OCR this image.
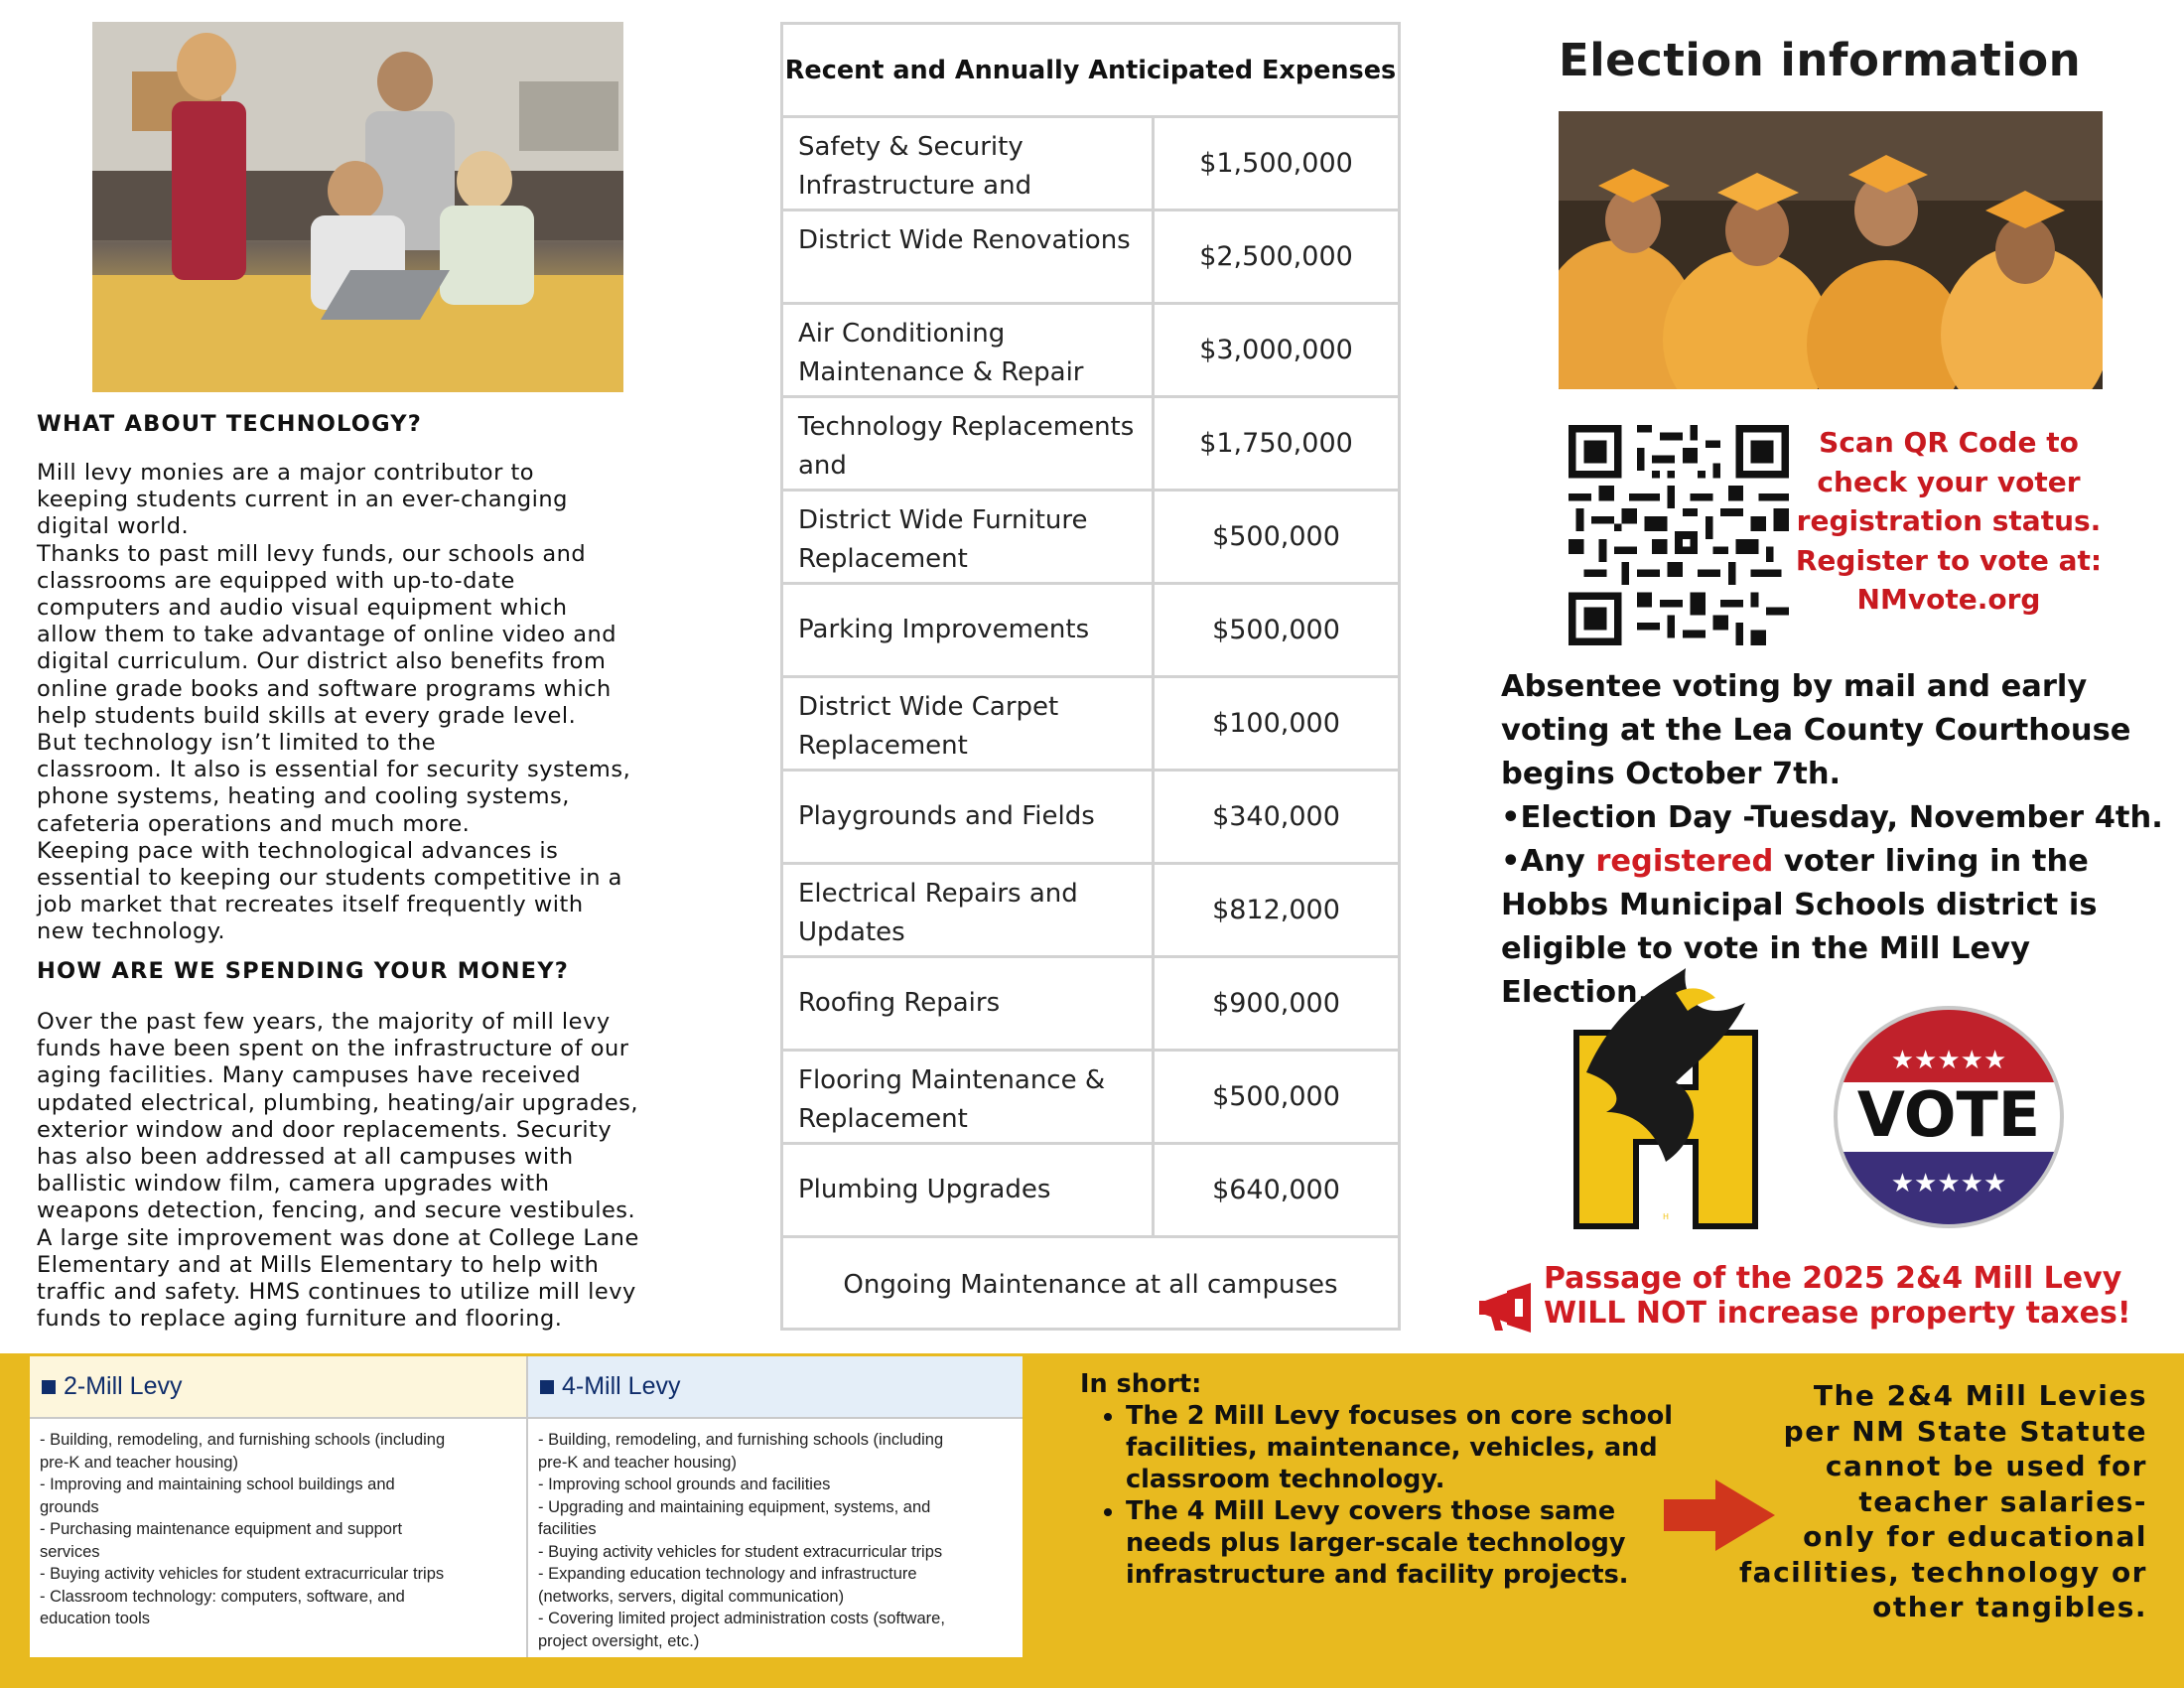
WHAT ABOUT TECHNOLOGY?
Mill levy monies are a major contributor to
keeping students current in an ever-changing
digital world.
Thanks to past mill levy funds, our schools and
classrooms are equipped with up-to-date
computers and audio visual equipment which
allow them to take advantage of online video and
digital curriculum. Our district also benefits from
online grade books and software programs which
help students build skills at every grade level.
But technology isn’t limited to the
classroom. It also is essential for security systems,
phone systems, heating and cooling systems,
cafeteria operations and much more.
Keeping pace with technological advances is
essential to keeping our students competitive in a
job market that recreates itself frequently with
new technology.
HOW ARE WE SPENDING YOUR MONEY?
Over the past few years, the majority of mill levy
funds have been spent on the infrastructure of our
aging facilities. Many campuses have received
updated electrical, plumbing, heating/air upgrades,
exterior window and door replacements. Security
has also been addressed at all campuses with
ballistic window film, camera upgrades with
weapons detection, fencing, and secure vestibules.
A large site improvement was done at College Lane
Elementary and at Mills Elementary to help with
traffic and safety. HMS continues to utilize mill levy
funds to replace aging furniture and flooring.
Recent and Annually Anticipated Expenses
Safety & Security Infrastructure and
$1,500,000
District Wide Renovations
$2,500,000
Air Conditioning Maintenance & Repair
$3,000,000
Technology Replacements and
$1,750,000
District Wide Furniture Replacement
$500,000
Parking Improvements	$500,000
District Wide Carpet Replacement
$100,000
Playgrounds and Fields	$340,000
Electrical Repairs and Updates
$812,000
Roofing Repairs	$900,000
Flooring Maintenance & Replacement
$500,000
Plumbing Upgrades	$640,000
Ongoing Maintenance at all campuses
Election information
Scan QR Code to
check your voter
registration status.
Register to vote at:
NMvote.org
Absentee voting by mail and early voting at the Lea County Courthouse begins October 7th.
•Election Day -Tuesday, November 4th.
•Any registered voter living in the Hobbs Municipal Schools district is eligible to vote in the Mill Levy Election.
H
★★★★★
★★★★★
VOTE
Passage of the 2025 2&4 Mill Levy
WILL NOT increase property taxes!
2-Mill Levy
- Building, remodeling, and furnishing schools (including
pre-K and teacher housing)
- Improving and maintaining school buildings and
grounds
- Purchasing maintenance equipment and support
services
- Buying activity vehicles for student extracurricular trips
- Classroom technology: computers, software, and
education tools
4-Mill Levy
- Building, remodeling, and furnishing schools (including
pre-K and teacher housing)
- Improving school grounds and facilities
- Upgrading and maintaining equipment, systems, and
facilities
- Buying activity vehicles for student extracurricular trips
- Expanding education technology and infrastructure
(networks, servers, digital communication)
- Covering limited project administration costs (software,
project oversight, etc.)
In short:
• The 2 Mill Levy focuses on core school facilities, maintenance, vehicles, and classroom technology.
• The 4 Mill Levy covers those same needs plus larger-scale technology infrastructure and facility projects.
The 2&4 Mill Levies
per NM State Statute
cannot be used for
teacher salaries-
only for educational
facilities, technology or
other tangibles.
